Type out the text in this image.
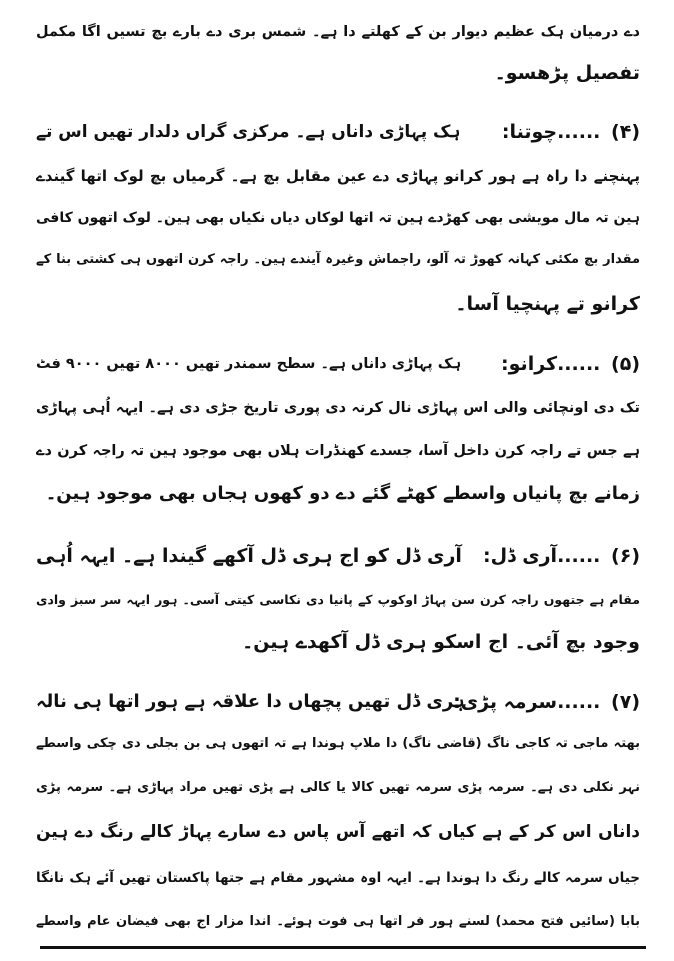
دے درمیان ہک عظیم دیوار بن کے کھلتے دا ہے۔ شمس بری دے بارے بچ تسیں اگا مکمل
تفصیل پڑھسو۔
(۴) ......چوتنا:
ہک پہاڑی داناں ہے۔ مرکزی گراں دلدار تھیں اس تے
پہنچنے دا راہ ہے ہور کرانو پہاڑی دے عین مقابل بچ ہے۔ گرمیاں بچ لوک اتھا گیندے
ہین تہ مال مویشی بھی کھڑدے ہین تہ اتھا لوکاں دیاں نکیاں بھی ہین۔ لوک اتھوں کافی
مقدار بچ مکئی کہانہ کھوڑ تہ آلو، راجماش وغیرہ آیندے ہین۔ راجہ کرن اتھوں ہی کشتی بنا کے
کرانو تے پہنچیا آسا۔
(۵) ......کرانو:
ہک پہاڑی داناں ہے۔ سطح سمندر تھیں ۸۰۰۰ تھیں ۹۰۰۰ فٹ
تک دی اونچائی والی اس پہاڑی نال کرنہ دی پوری تاریخ جڑی دی ہے۔ ایہہ اُہی پہاڑی
ہے جس تے راجہ کرن داخل آسا، جسدے کھنڈرات ہلاں بھی موجود ہین تہ راجہ کرن دے
زمانے بچ پانیاں واسطے کھٹے گئے دے دو کھوں ہجاں بھی موجود ہین۔
(۶) ......آری ڈل:
آری ڈل کو اج ہری ڈل آکھے گیندا ہے۔ ایہہ اُہی
مقام ہے جتھوں راجہ کرن سن پہاڑ اوکوپ کے پانیا دی نکاسی کیتی آسی۔ ہور ایہہ سر سبز وادی
وجود بچ آئی۔ اج اسکو ہری ڈل آکھدے ہین۔
(۷) ......سرمہ پڑی:
ہری ڈل تھیں پچھاں دا علاقہ ہے ہور اتھا ہی نالہ
بھتہ ماجی تہ کاجی ناگ (قاضی ناگ) دا ملاپ ہوندا ہے تہ اتھوں ہی بن بجلی دی چکی واسطے
نہر نکلی دی ہے۔ سرمہ پڑی سرمہ تھیں کالا یا کالی ہے پڑی تھیں مراد پہاڑی ہے۔ سرمہ پڑی
داناں اس کر کے ہے کیاں کہ اتھے آس پاس دے سارے پہاڑ کالے رنگ دے ہین
جیاں سرمہ کالے رنگ دا ہوندا ہے۔ ایہہ اوہ مشہور مقام ہے جتھا پاکستان تھیں آئے ہک نانگا
بابا (سائیں فتح محمد) لسنے ہور فر اتھا ہی فوت ہوئے۔ اندا مزار اج بھی فیضان عام واسطے
